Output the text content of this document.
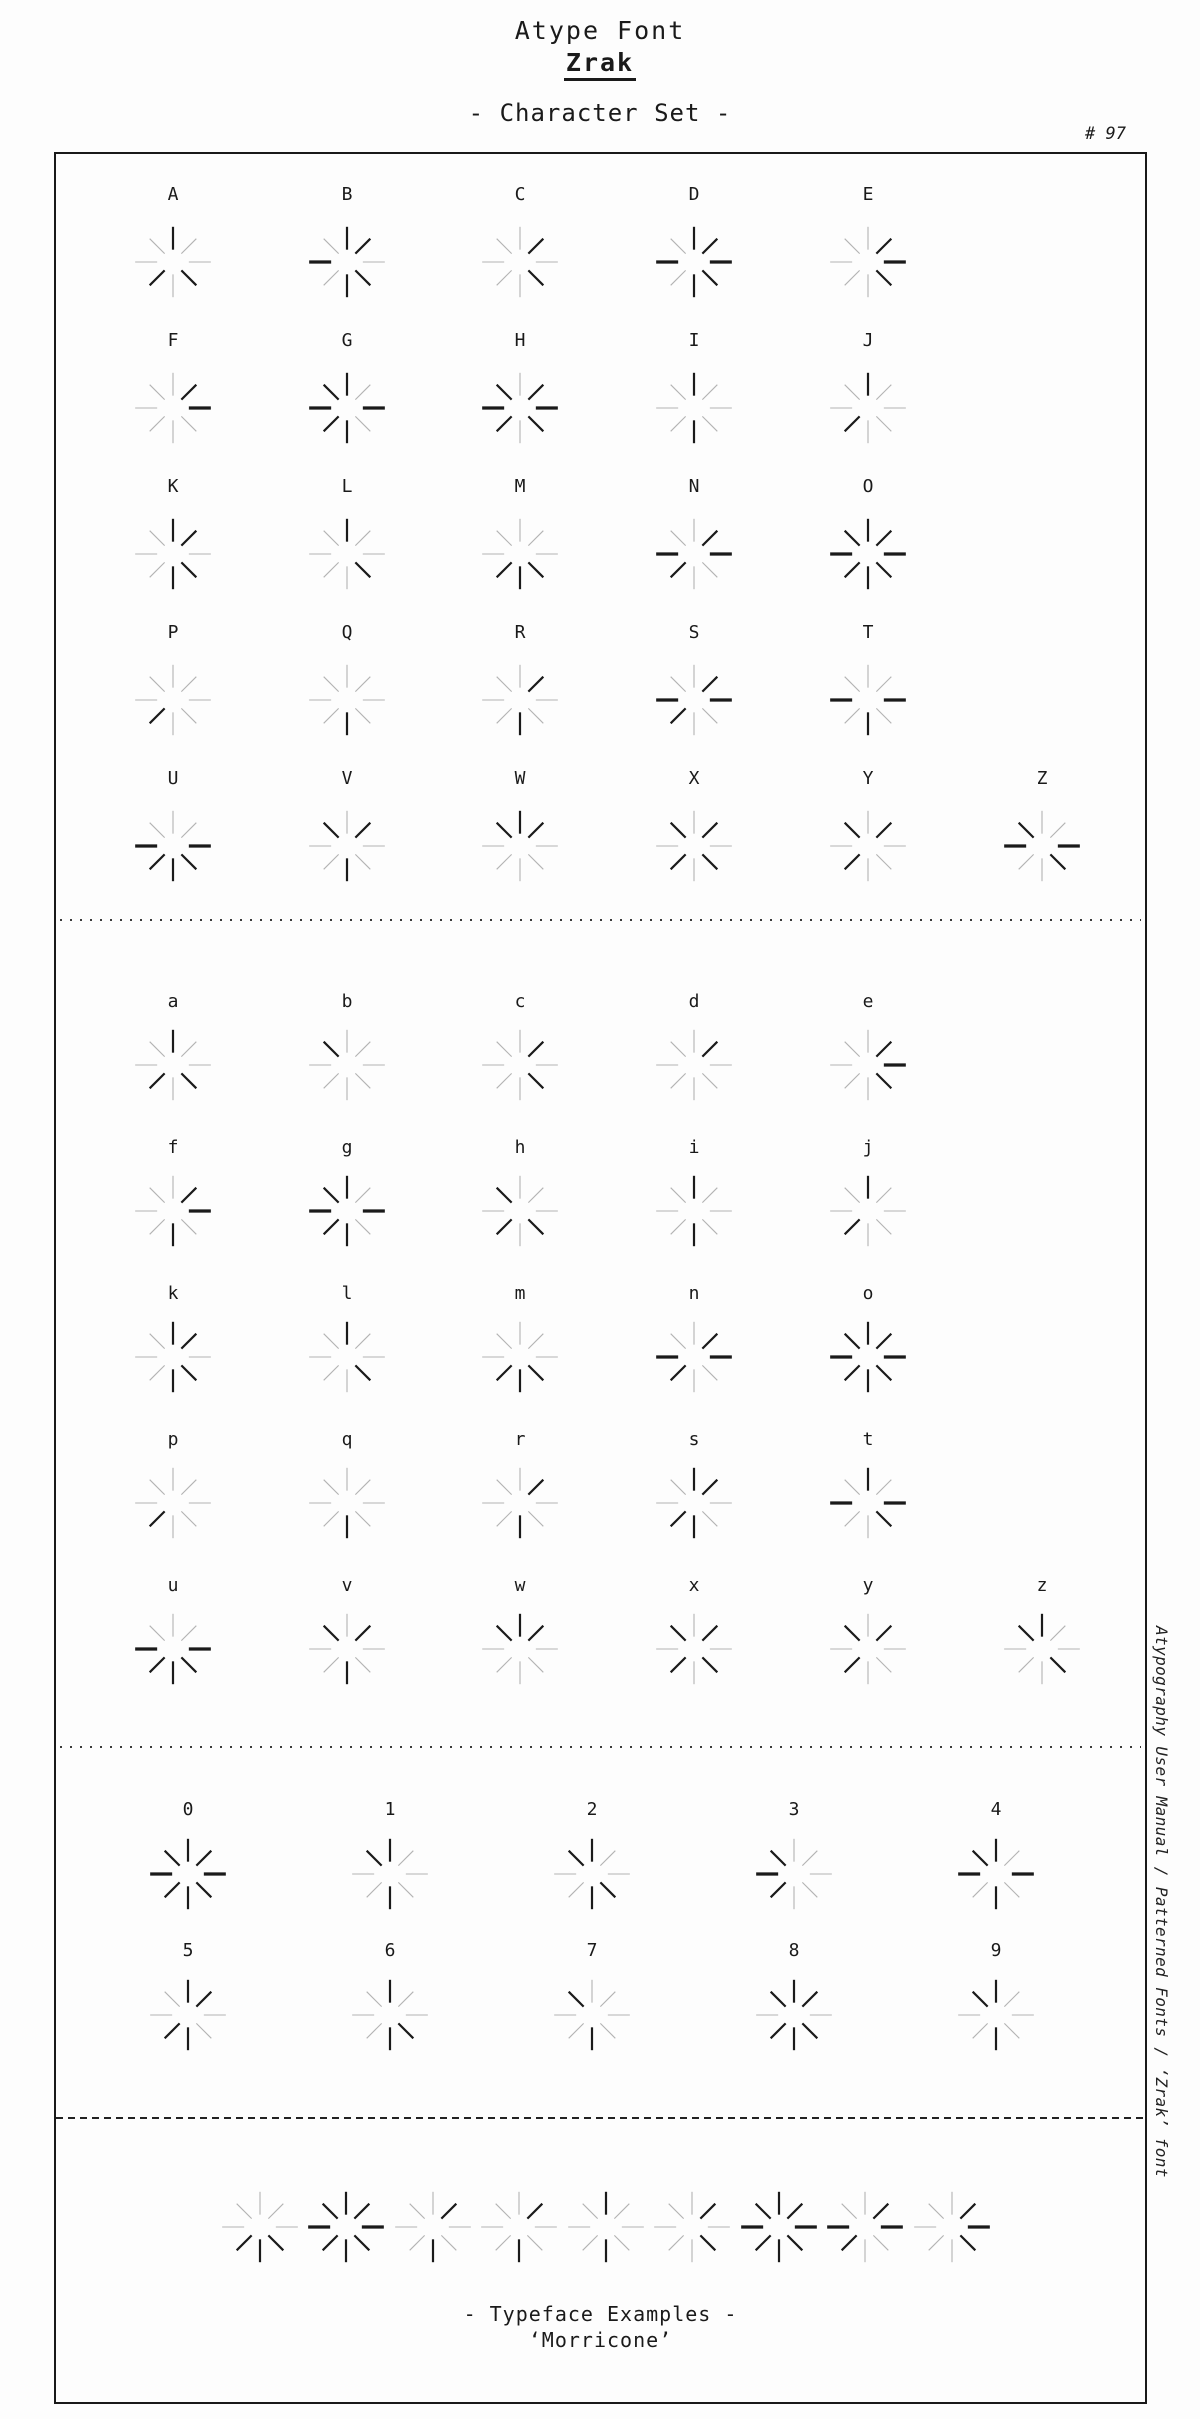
Atype Font
Zrak
- Character Set -
# 97
- Typeface Examples -
‘Morricone’
A	B	C	D	E
F	G	H	I	J
K	L	M	N	O
P	Q	R	S	T
U	V	W	X	Y	Z
a	b	c	d	e
f	g	h	i	j
k	l	m	n	o
p	q	r	s	t
u	v	w	x	y	z
0	1	2	3	4
5	6	7	8	9	Atypography User Manual / Patterned Fonts / ‘Zrak’ font
